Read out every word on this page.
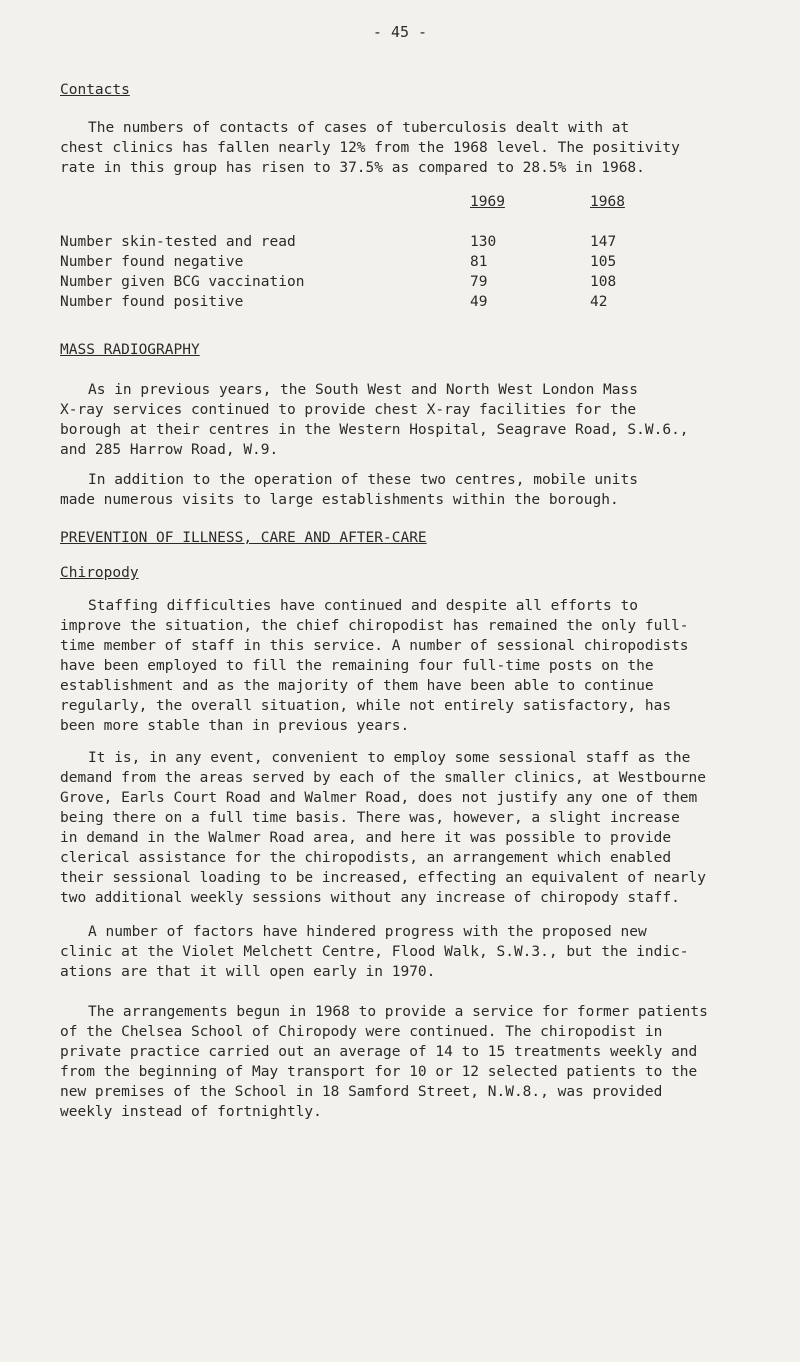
- 45 -
Contacts

The numbers of contacts of cases of tuberculosis dealt with at

chest clinics has fallen nearly 12% from the 1968 level. The positivity

rate in this group has risen to 37.5% as compared to 28.5% in 1968.

	1969	1968

Number skin-tested and read	130	147
Number found negative	81	105
Number given BCG vaccination	79	108
Number found positive	49	42
MASS RADIOGRAPHY

As in previous years, the South West and North West London Mass

X-ray services continued to provide chest X-ray facilities for the

borough at their centres in the Western Hospital, Seagrave Road, S.W.6.,

and 285 Harrow Road, W.9.

In addition to the operation of these two centres, mobile units

made numerous visits to large establishments within the borough.

PREVENTION OF ILLNESS, CARE AND AFTER-CARE
Chiropody

Staffing difficulties have continued and despite all efforts to

improve the situation, the chief chiropodist has remained the only full-

time member of staff in this service. A number of sessional chiropodists

have been employed to fill the remaining four full-time posts on the

establishment and as the majority of them have been able to continue

regularly, the overall situation, while not entirely satisfactory, has

been more stable than in previous years.

It is, in any event, convenient to employ some sessional staff as the

demand from the areas served by each of the smaller clinics, at Westbourne

Grove, Earls Court Road and Walmer Road, does not justify any one of them

being there on a full time basis. There was, however, a slight increase

in demand in the Walmer Road area, and here it was possible to provide

clerical assistance for the chiropodists, an arrangement which enabled

their sessional loading to be increased, effecting an equivalent of nearly

two additional weekly sessions without any increase of chiropody staff.

A number of factors have hindered progress with the proposed new

clinic at the Violet Melchett Centre, Flood Walk, S.W.3., but the indic-

ations are that it will open early in 1970.

The arrangements begun in 1968 to provide a service for former patients

of the Chelsea School of Chiropody were continued. The chiropodist in

private practice carried out an average of 14 to 15 treatments weekly and

from the beginning of May transport for 10 or 12 selected patients to the

new premises of the School in 18 Samford Street, N.W.8., was provided

weekly instead of fortnightly.
